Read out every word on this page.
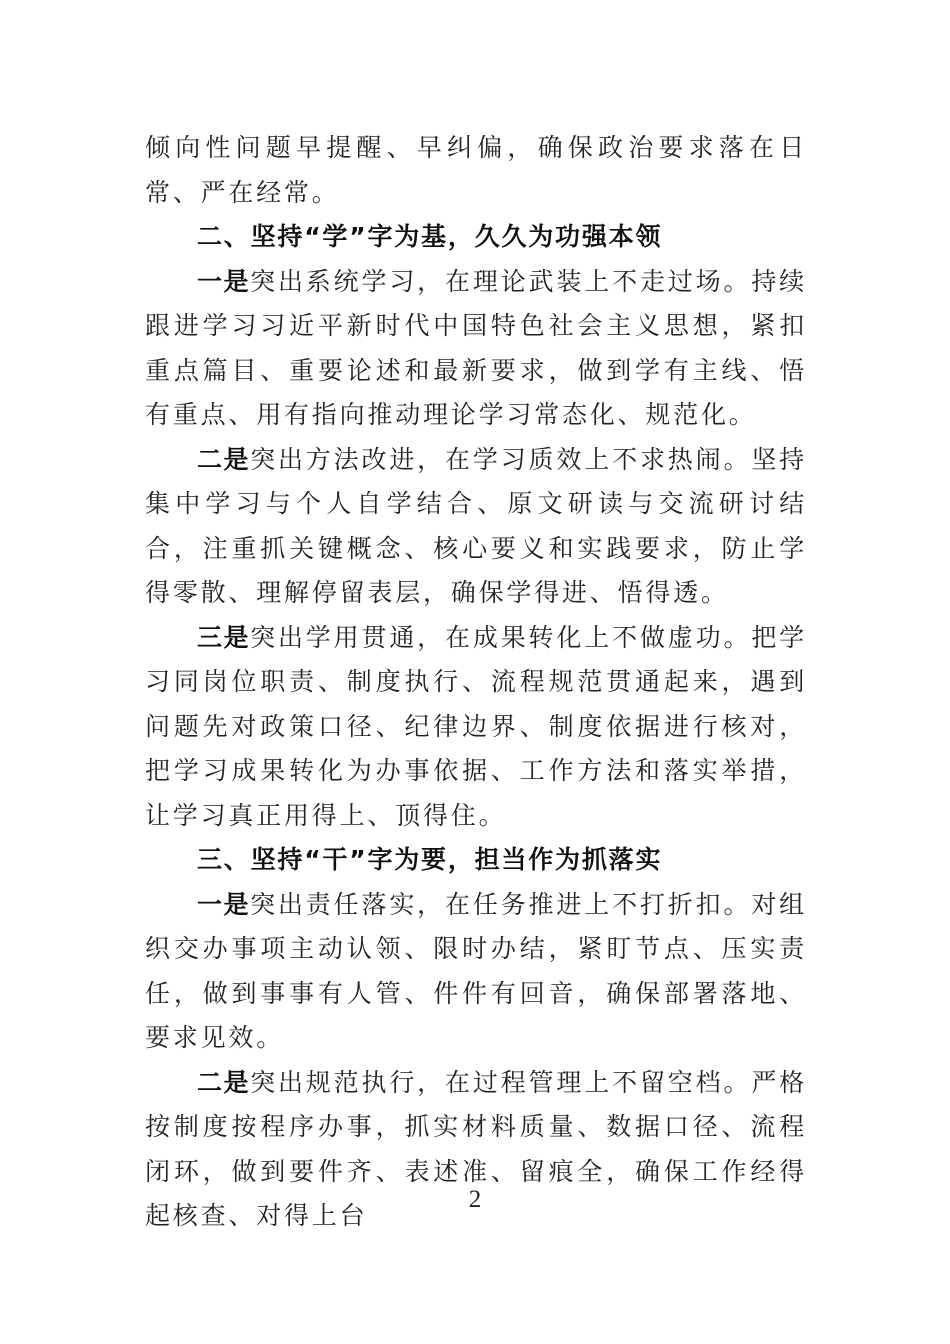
倾向性问题早提醒、早纠偏，确保政治要求落在日常、严在经常。

二、坚持“学”字为基，久久为功强本领

一是突出系统学习，在理论武装上不走过场。持续跟进学习习近平新时代中国特色社会主义思想，紧扣重点篇目、重要论述和最新要求，做到学有主线、悟有重点、用有指向推动理论学习常态化、规范化。

二是突出方法改进，在学习质效上不求热闹。坚持集中学习与个人自学结合、原文研读与交流研讨结合，注重抓关键概念、核心要义和实践要求，防止学得零散、理解停留表层，确保学得进、悟得透。

三是突出学用贯通，在成果转化上不做虚功。把学习同岗位职责、制度执行、流程规范贯通起来，遇到问题先对政策口径、纪律边界、制度依据进行核对，把学习成果转化为办事依据、工作方法和落实举措，让学习真正用得上、顶得住。

三、坚持“干”字为要，担当作为抓落实

一是突出责任落实，在任务推进上不打折扣。对组织交办事项主动认领、限时办结，紧盯节点、压实责任，做到事事有人管、件件有回音，确保部署落地、要求见效。

二是突出规范执行，在过程管理上不留空档。严格按制度按程序办事，抓实材料质量、数据口径、流程闭环，做到要件齐、表述准、留痕全，确保工作经得起核查、对得上台

2
